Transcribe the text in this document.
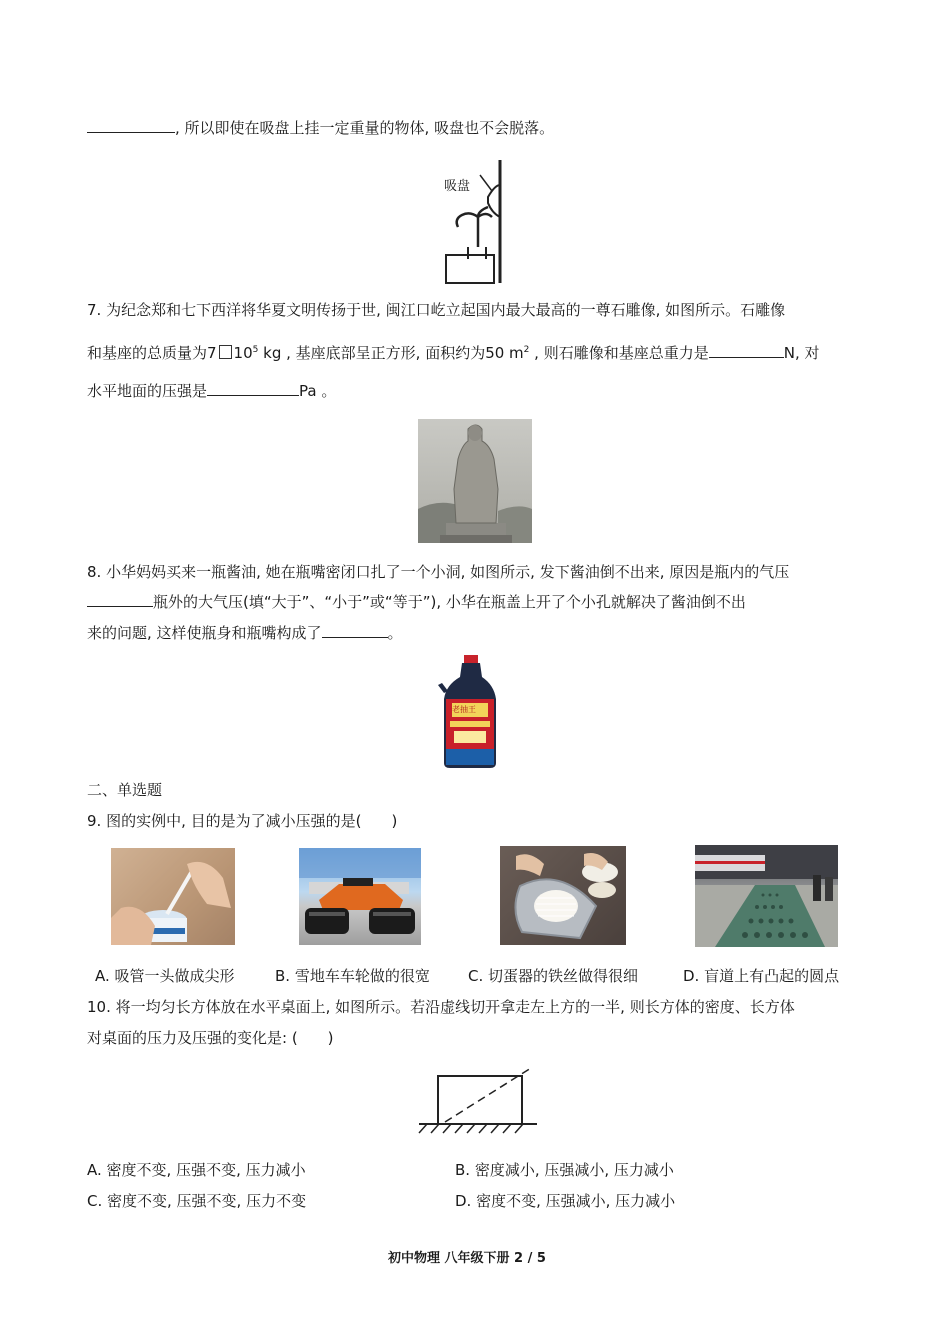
, 所以即使在吸盘上挂一定重量的物体, 吸盘也不会脱落。
吸盘
7. 为纪念郑和七下西洋将华夏文明传扬于世, 闽江口屹立起国内最大最高的一尊石雕像, 如图所示。石雕像
和基座的总质量为7 $10^5$ kg , 基座底部呈正方形, 面积约为50 $m^2$ , 则石雕像和基座总重力是	N, 对
水平地面的压强是	Pa 。
8. 小华妈妈买来一瓶酱油, 她在瓶嘴密闭口扎了一个小洞, 如图所示, 发下酱油倒不出来, 原因是瓶内的气压
瓶外的大气压(填“大于”、“小于”或“等于”), 小华在瓶盖上开了个小孔就解决了酱油倒不出
来的问题, 这样使瓶身和瓶嘴构成了	。
老抽王
二、单选题
9. 图的实例中, 目的是为了减小压强的是(　　)
A. 吸管一头做成尖形	B. 雪地车车轮做的很宽	C. 切蛋器的铁丝做得很细	D. 盲道上有凸起的圆点
10. 将一均匀长方体放在水平桌面上, 如图所示。若沿虚线切开拿走左上方的一半, 则长方体的密度、长方体
对桌面的压力及压强的变化是: (　　)
A. 密度不变, 压强不变, 压力减小	B. 密度减小, 压强减小, 压力减小
C. 密度不变, 压强不变, 压力不变	D. 密度不变, 压强减小, 压力减小
初中物理 八年级下册 2 / 5
